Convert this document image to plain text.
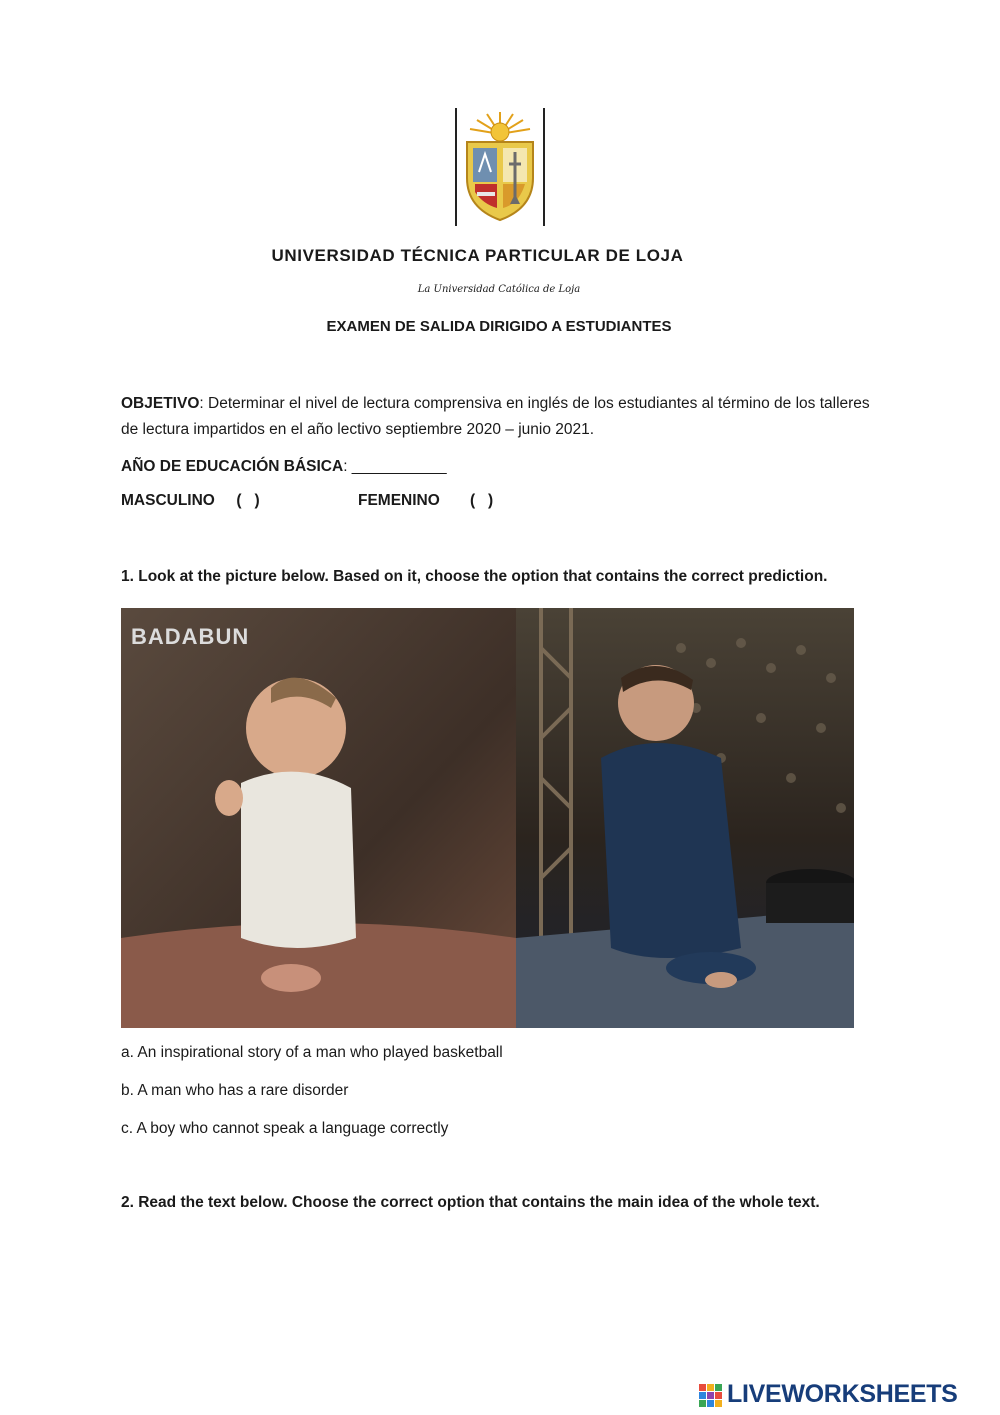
UNIVERSIDAD TÉCNICA PARTICULAR DE LOJA
La Universidad Católica de Loja
EXAMEN DE SALIDA DIRIGIDO A ESTUDIANTES
OBJETIVO: Determinar el nivel de lectura comprensiva en inglés de los estudiantes al término de los talleres de lectura impartidos en el año lectivo septiembre 2020 – junio 2021.
AÑO DE EDUCACIÓN BÁSICA: ___________
MASCULINO     (   )	FEMENINO       (   )
1. Look at the picture below. Based on it, choose the option that contains the correct prediction.
BADABUN
a. An inspirational story of a man who played basketball
b. A man who has a rare disorder
c. A boy who cannot speak a language correctly
2. Read the text below. Choose the correct option that contains the main idea of the whole text.
LIVEWORKSHEETS
